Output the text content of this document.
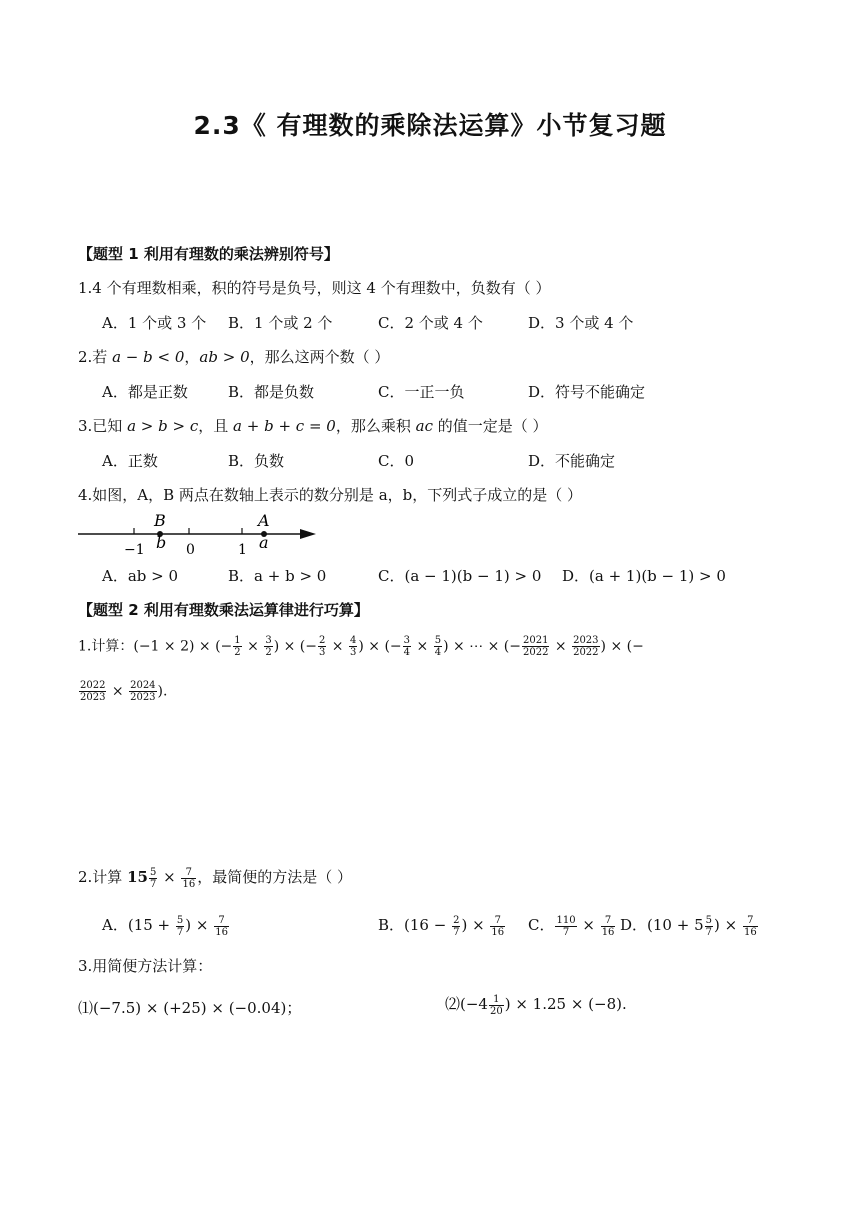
2.3《 有理数的乘除法运算》小节复习题
【题型 1 利用有理数的乘法辨别符号】
1.4 个有理数相乘，积的符号是负号，则这 4 个有理数中，负数有（ ）
A．1 个或 3 个 B．1 个或 2 个	C．2 个或 4 个	D．3 个或 4 个
2.若 a − b < 0，ab > 0，那么这两个数（ ）
A．都是正数	B．都是负数	C．一正一负	D．符号不能确定
3.已知 a > b > c，且 a + b + c = 0，那么乘积 ac 的值一定是（ ）
A．正数	B．负数	C．0	D．不能确定
4.如图，A，B 两点在数轴上表示的数分别是 a，b，下列式子成立的是（ ）
B
b
A
a
−1	0	1
A．ab > 0	B．a + b > 0	C．(a − 1)(b − 1) > 0 D．(a + 1)(b − 1) > 0
【题型 2 利用有理数乘法运算律进行巧算】
1.计算：(−1 × 2) × (− $\frac{1}{2} \times \frac{3}{2}$ ) × (− $\frac{2}{3} \times \frac{4}{3}$ ) × (− $\frac{3}{4} \times \frac{5}{4}$ ) × ⋯ × (− $\frac{2021}{2022} \times \frac{2023}{2022}$ ) × (−
$\frac{2022}{2023} \times \frac{2024}{2023}$ ).
2.计算 $15 \frac{5}{7} \times \frac{7}{16}$ ，最简便的方法是（ ）
A．($15 + \frac{5}{7}$ ) × $\frac{7}{16}$	B．($16 - \frac{2}{7}$ ) × $\frac{7}{16}$ C． $\frac{110}{7} \times \frac{7}{16}$ D．($10 + 5 \frac{5}{7}$ ) × $\frac{7}{16}$
3.用简便方法计算：
⑴(−7.5) × (+25) × (−0.04)；	⑵(−4 $\frac{1}{20}$ ) × 1.25 × (−8).
